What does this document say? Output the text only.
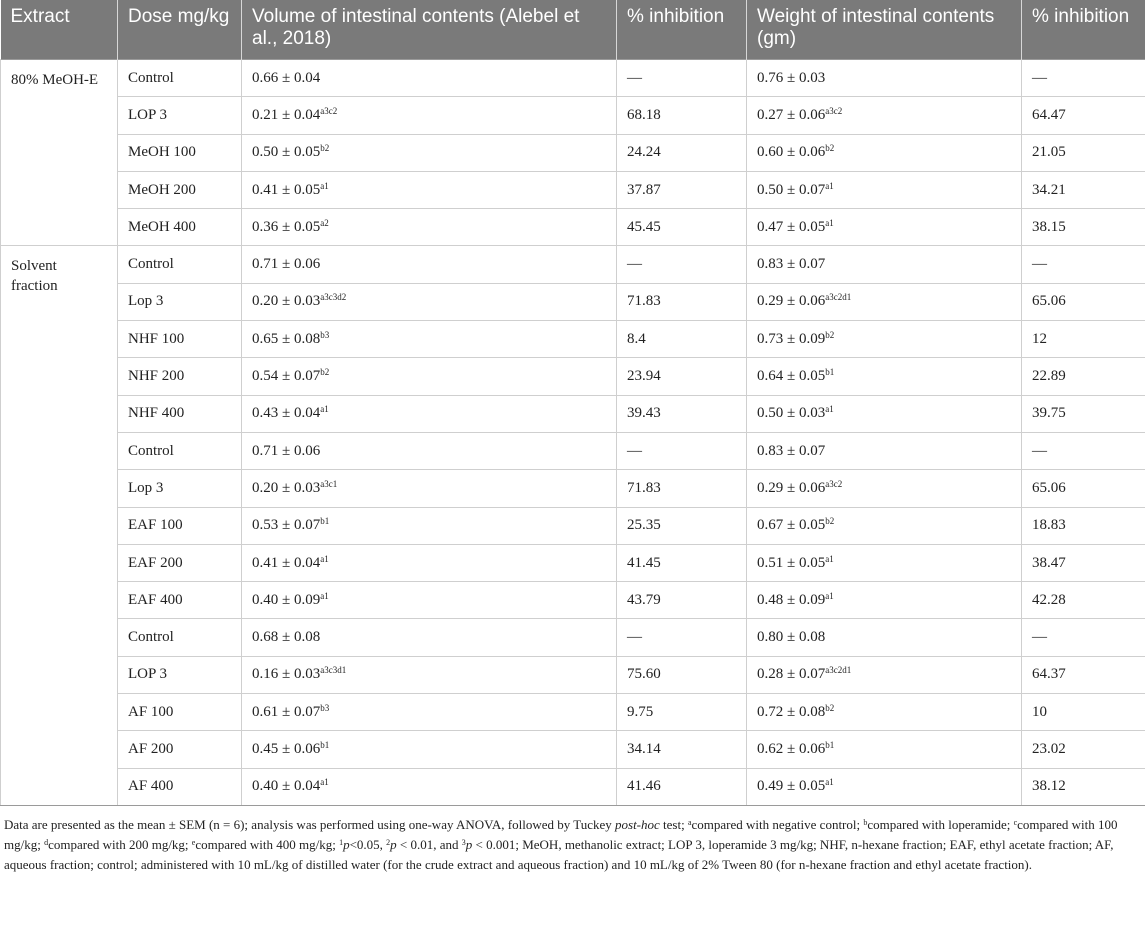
Extract	Dose mg/kg	Volume of intestinal contents (Alebel et al., 2018)	% inhibition	Weight of intestinal contents (gm)	% inhibition
80% MeOH-E	Control	0.66 ± 0.04	—	0.76 ± 0.03	—
	LOP 3	$0.21 \pm 0.04^{a3c2}$	68.18	$0.27 \pm 0.06^{a3c2}$	64.47
	MeOH 100	$0.50 \pm 0.05^{b2}$	24.24	$0.60 \pm 0.06^{b2}$	21.05
	MeOH 200	$0.41 \pm 0.05^{a1}$	37.87	$0.50 \pm 0.07^{a1}$	34.21
	MeOH 400	$0.36 \pm 0.05^{a2}$	45.45	$0.47 \pm 0.05^{a1}$	38.15
Solvent fraction	Control	0.71 ± 0.06	—	0.83 ± 0.07	—
	Lop 3	$0.20 \pm 0.03^{a3c3d2}$	71.83	$0.29 \pm 0.06^{a3c2d1}$	65.06
	NHF 100	$0.65 \pm 0.08^{b3}$	8.4	$0.73 \pm 0.09^{b2}$	12
	NHF 200	$0.54 \pm 0.07^{b2}$	23.94	$0.64 \pm 0.05^{b1}$	22.89
	NHF 400	$0.43 \pm 0.04^{a1}$	39.43	$0.50 \pm 0.03^{a1}$	39.75
	Control	0.71 ± 0.06	—	0.83 ± 0.07	—
	Lop 3	$0.20 \pm 0.03^{a3c1}$	71.83	$0.29 \pm 0.06^{a3c2}$	65.06
	EAF 100	$0.53 \pm 0.07^{b1}$	25.35	$0.67 \pm 0.05^{b2}$	18.83
	EAF 200	$0.41 \pm 0.04^{a1}$	41.45	$0.51 \pm 0.05^{a1}$	38.47
	EAF 400	$0.40 \pm 0.09^{a1}$	43.79	$0.48 \pm 0.09^{a1}$	42.28
	Control	0.68 ± 0.08	—	0.80 ± 0.08	—
	LOP 3	$0.16 \pm 0.03^{a3c3d1}$	75.60	$0.28 \pm 0.07^{a3c2d1}$	64.37
	AF 100	$0.61 \pm 0.07^{b3}$	9.75	$0.72 \pm 0.08^{b2}$	10
	AF 200	$0.45 \pm 0.06^{b1}$	34.14	$0.62 \pm 0.06^{b1}$	23.02
	AF 400	$0.40 \pm 0.04^{a1}$	41.46	$0.49 \pm 0.05^{a1}$	38.12
Data are presented as the mean ± SEM (n = 6); analysis was performed using one-way ANOVA, followed by Tuckey post-hoc test; $^a$compared with negative control; $^b$compared with loperamide; $^c$compared with 100 mg/kg; $^d$compared with 200 mg/kg; $^e$compared with 400 mg/kg; $^1$p<0.05, $^2$p < 0.01, and $^3$p < 0.001; MeOH, methanolic extract; LOP 3, loperamide 3 mg/kg; NHF, n-hexane fraction; EAF, ethyl acetate fraction; AF, aqueous fraction; control; administered with 10 mL/kg of distilled water (for the crude extract and aqueous fraction) and 10 mL/kg of 2% Tween 80 (for n-hexane fraction and ethyl acetate fraction).
